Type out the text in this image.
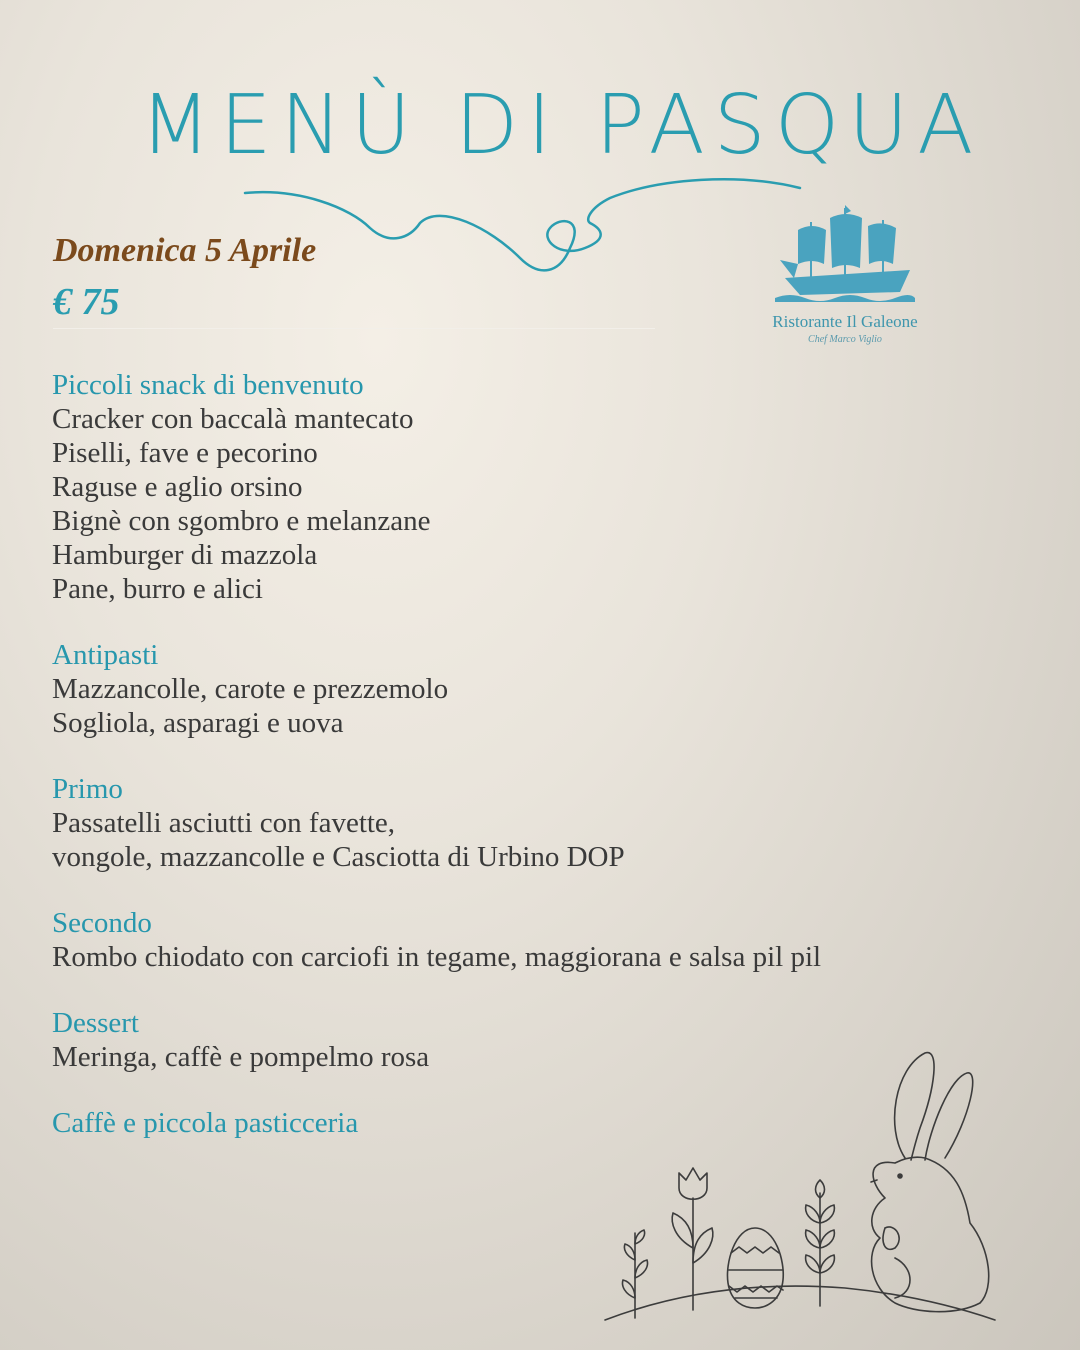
MENÙ DI PASQUA
Domenica 5 Aprile
€ 75	Ristorante Il Galeone
Chef Marco Viglio
Piccoli snack di benvenuto
Cracker con baccalà mantecato
Piselli, fave e pecorino
Raguse e aglio orsino
Bignè con sgombro e melanzane
Hamburger di mazzola
Pane, burro e alici
Antipasti
Mazzancolle, carote e prezzemolo
Sogliola, asparagi e uova
Primo
Passatelli asciutti con favette,
vongole, mazzancolle e Casciotta di Urbino DOP
Secondo
Rombo chiodato con carciofi in tegame, maggiorana e salsa pil pil
Dessert
Meringa, caffè e pompelmo rosa
Caffè e piccola pasticceria
